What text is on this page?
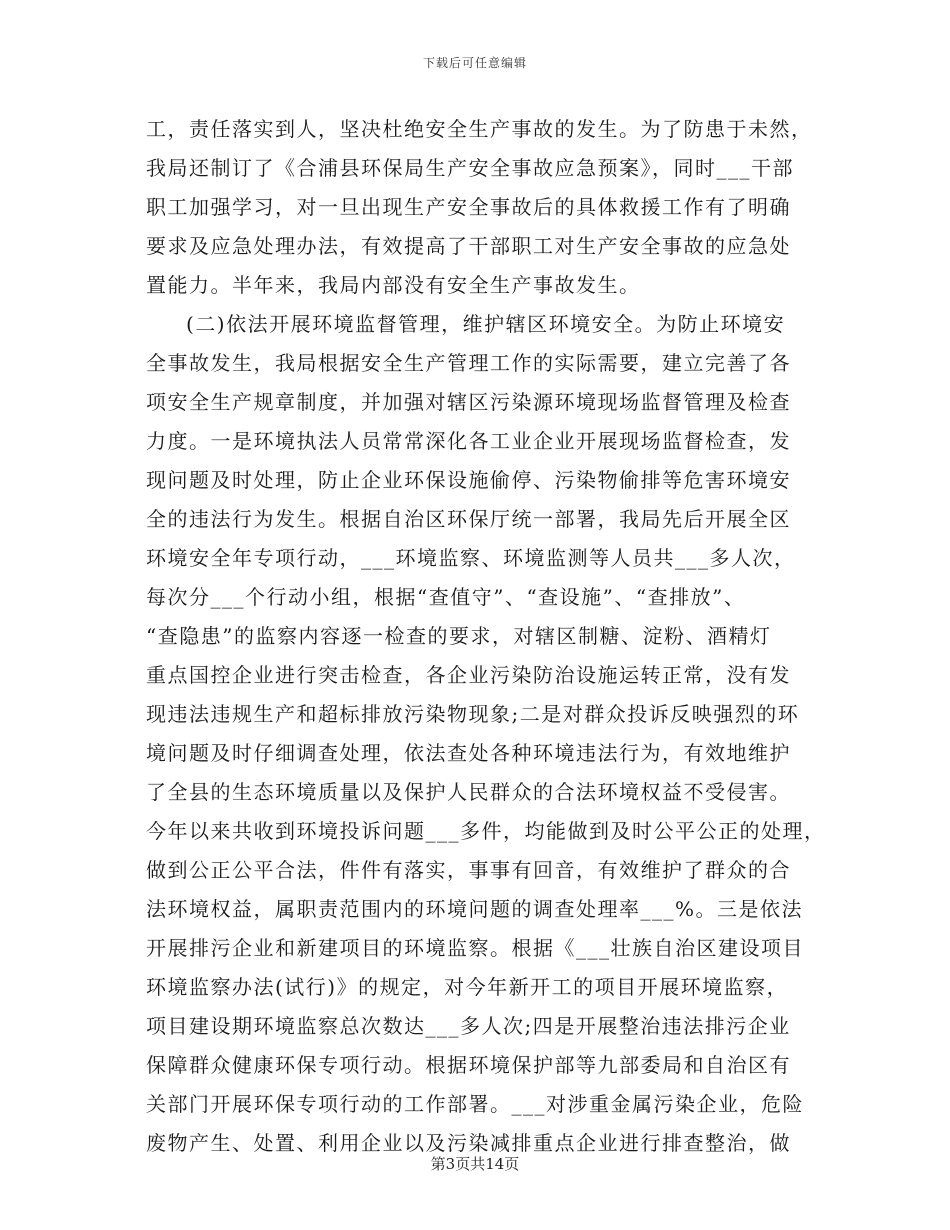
下载后可任意编辑
工，责任落实到人，坚决杜绝安全生产事故的发生。为了防患于未然，
我局还制订了《合浦县环保局生产安全事故应急预案》，同时___干部
职工加强学习，对一旦出现生产安全事故后的具体救援工作有了明确
要求及应急处理办法，有效提高了干部职工对生产安全事故的应急处
置能力。半年来，我局内部没有安全生产事故发生。
(二)依法开展环境监督管理，维护辖区环境安全。为防止环境安
全事故发生，我局根据安全生产管理工作的实际需要，建立完善了各
项安全生产规章制度，并加强对辖区污染源环境现场监督管理及检查
力度。一是环境执法人员常常深化各工业企业开展现场监督检查，发
现问题及时处理，防止企业环保设施偷停、污染物偷排等危害环境安
全的违法行为发生。根据自治区环保厅统一部署，我局先后开展全区
环境安全年专项行动，___环境监察、环境监测等人员共___多人次，
每次分___个行动小组，根据“查值守”、“查设施”、“查排放”、
“查隐患”的监察内容逐一检查的要求，对辖区制糖、淀粉、酒精灯
重点国控企业进行突击检查，各企业污染防治设施运转正常，没有发
现违法违规生产和超标排放污染物现象;二是对群众投诉反映强烈的环
境问题及时仔细调查处理，依法查处各种环境违法行为，有效地维护
了全县的生态环境质量以及保护人民群众的合法环境权益不受侵害。
今年以来共收到环境投诉问题___多件，均能做到及时公平公正的处理，
做到公正公平合法，件件有落实，事事有回音，有效维护了群众的合
法环境权益，属职责范围内的环境问题的调查处理率___%。三是依法
开展排污企业和新建项目的环境监察。根据《___壮族自治区建设项目
环境监察办法(试行)》的规定，对今年新开工的项目开展环境监察，
项目建设期环境监察总次数达___多人次;四是开展整治违法排污企业
保障群众健康环保专项行动。根据环境保护部等九部委局和自治区有
关部门开展环保专项行动的工作部署。___对涉重金属污染企业，危险
废物产生、处置、利用企业以及污染减排重点企业进行排查整治，做
第3页共14页
